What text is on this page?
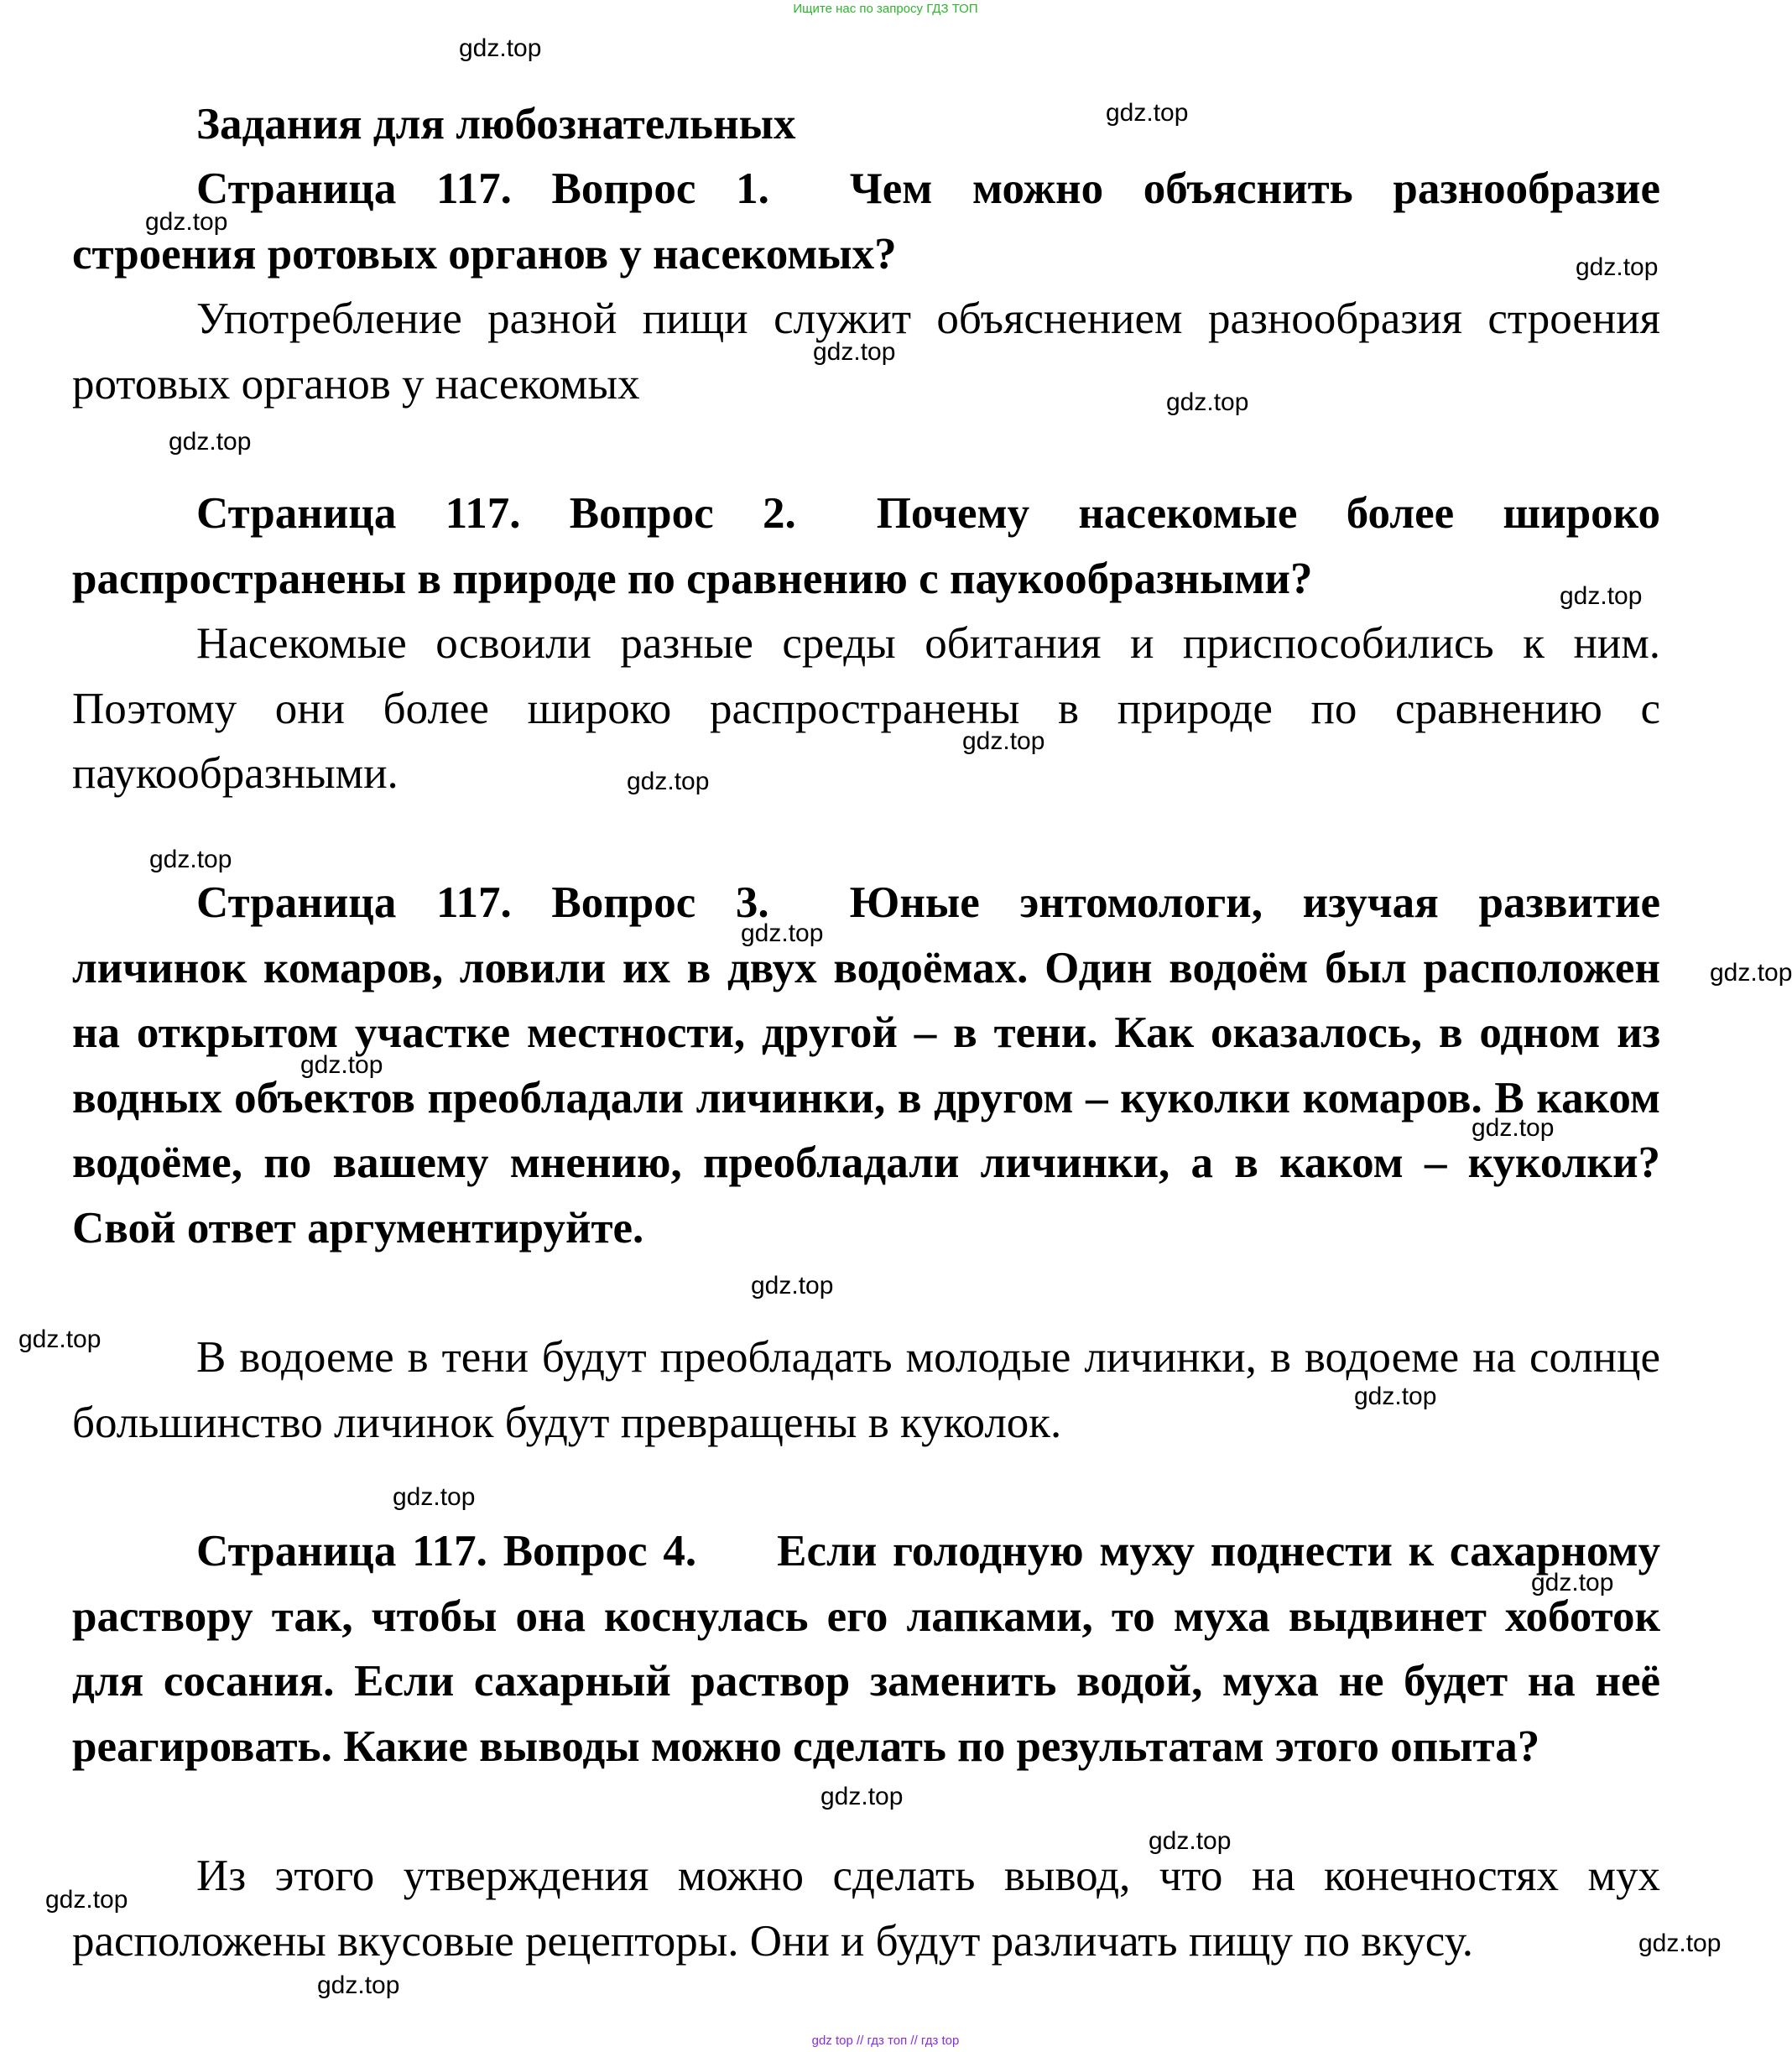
Ищите нас по запросу ГДЗ ТОП
Задания для любознательных
Страница 117. Вопрос 1. Чем можно объяснить разнообразие строения ротовых органов у насекомых?
Употребление разной пищи служит объяснением разнообразия строения ротовых органов у насекомых
Страница 117. Вопрос 2. Почему насекомые более широко распространены в природе по сравнению с паукообразными?
Насекомые освоили разные среды обитания и приспособились к ним. Поэтому они более широко распространены в природе по сравнению с паукообразными.
Страница 117. Вопрос 3. Юные энтомологи, изучая развитие личинок комаров, ловили их в двух водоёмах. Один водоём был расположен на открытом участке местности, другой – в тени. Как оказалось, в одном из водных объектов преобладали личинки, в другом – куколки комаров. В каком водоёме, по вашему мнению, преобладали личинки, а в каком – куколки? Свой ответ аргументируйте.
В водоеме в тени будут преобладать молодые личинки, в водоеме на солнце большинство личинок будут превращены в куколок.
Страница 117. Вопрос 4. Если голодную муху поднести к сахарному раствору так, чтобы она коснулась его лапками, то муха выдвинет хоботок для сосания. Если сахарный раствор заменить водой, муха не будет на неё реагировать. Какие выводы можно сделать по результатам этого опыта?
Из этого утверждения можно сделать вывод, что на конечностях мух расположены вкусовые рецепторы. Они и будут различать пищу по вкусу.
gdz.top
gdz.top
gdz.top
gdz.top
gdz.top
gdz.top
gdz.top
gdz.top
gdz.top
gdz.top
gdz.top
gdz.top
gdz.top
gdz.top
gdz.top
gdz.top
gdz.top
gdz.top
gdz.top
gdz.top
gdz.top
gdz.top
gdz.top
gdz.top
gdz.top
gdz top // гдз топ // гдз top
